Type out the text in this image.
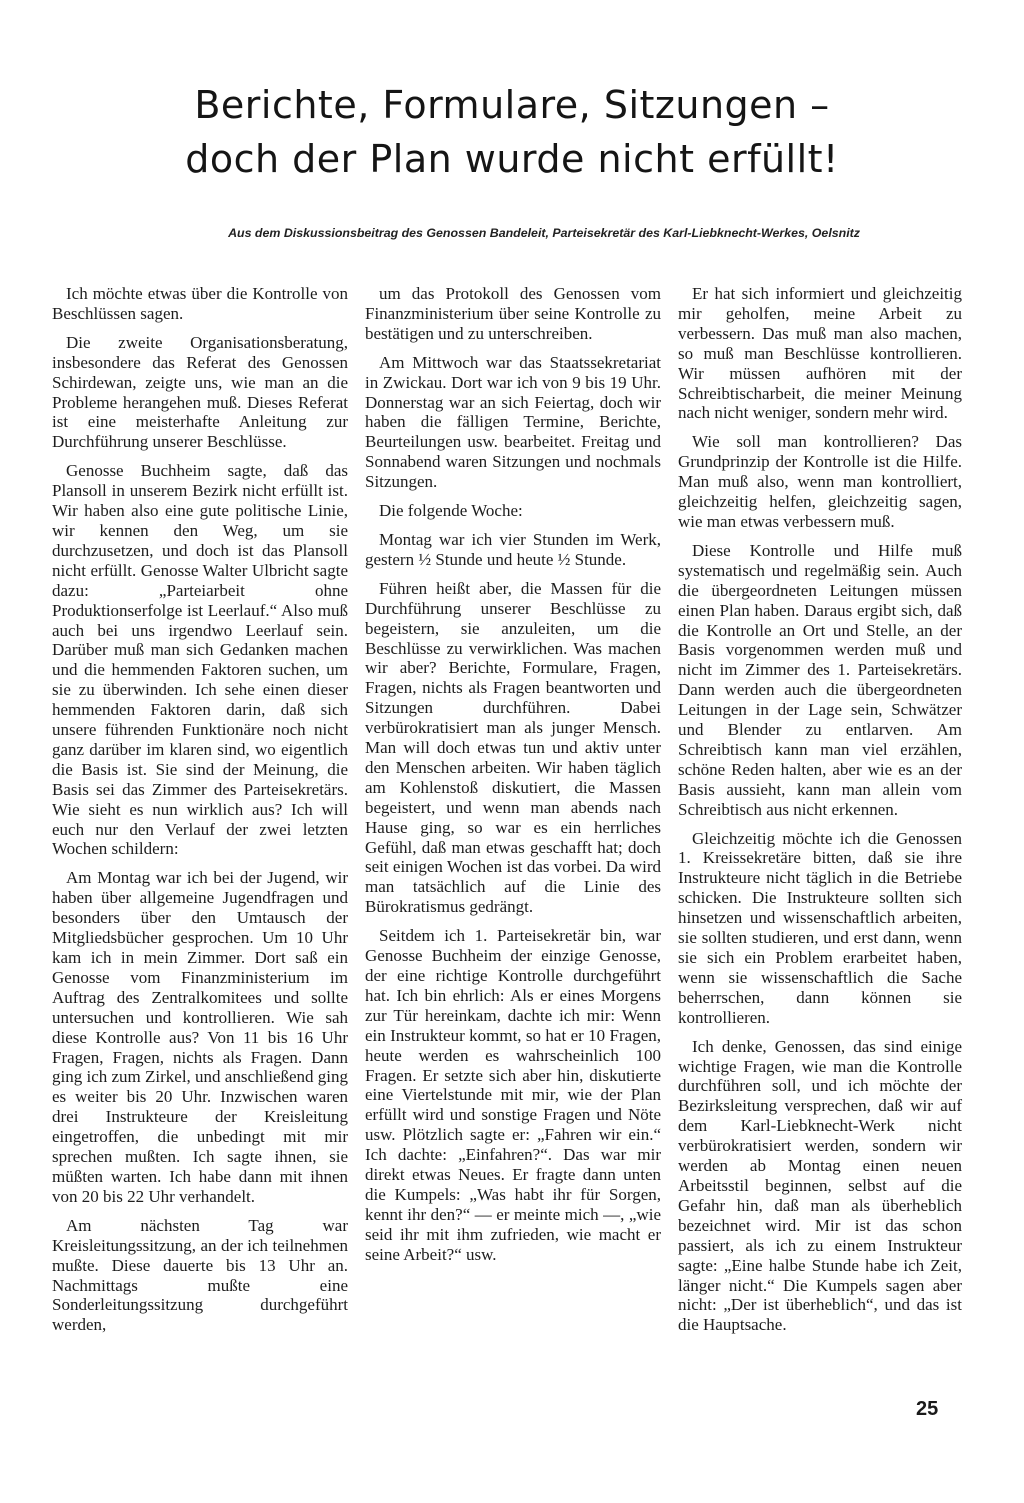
Berichte, Formulare, Sitzungen –
doch der Plan wurde nicht erfüllt!
Aus dem Diskussionsbeitrag des Genossen Bandeleit, Parteisekretär des Karl-Liebknecht-Werkes, Oelsnitz

Ich möchte etwas über die Kontrolle von Beschlüssen sagen.

Die zweite Organisationsberatung, insbesondere das Referat des Genossen Schirdewan, zeigte uns, wie man an die Probleme herangehen muß. Dieses Referat ist eine meisterhafte Anleitung zur Durchführung unserer Beschlüsse.

Genosse Buchheim sagte, daß das Plansoll in unserem Bezirk nicht erfüllt ist. Wir haben also eine gute politische Linie, wir kennen den Weg, um sie durchzusetzen, und doch ist das Plansoll nicht erfüllt. Genosse Walter Ulbricht sagte dazu: „Parteiarbeit ohne Produktionserfolge ist Leerlauf.“ Also muß auch bei uns irgendwo Leerlauf sein. Darüber muß man sich Gedanken machen und die hemmenden Faktoren suchen, um sie zu überwinden. Ich sehe einen dieser hemmenden Faktoren darin, daß sich unsere führenden Funktionäre noch nicht ganz darüber im klaren sind, wo eigentlich die Basis ist. Sie sind der Meinung, die Basis sei das Zimmer des Parteisekretärs. Wie sieht es nun wirklich aus? Ich will euch nur den Verlauf der zwei letzten Wochen schildern:

Am Montag war ich bei der Jugend, wir haben über allgemeine Jugendfragen und besonders über den Umtausch der Mitgliedsbücher gesprochen. Um 10 Uhr kam ich in mein Zimmer. Dort saß ein Genosse vom Finanzministerium im Auftrag des Zentralkomitees und sollte untersuchen und kontrollieren. Wie sah diese Kontrolle aus? Von 11 bis 16 Uhr Fragen, Fragen, nichts als Fragen. Dann ging ich zum Zirkel, und anschließend ging es weiter bis 20 Uhr. Inzwischen waren drei Instrukteure der Kreisleitung eingetroffen, die unbedingt mit mir sprechen mußten. Ich sagte ihnen, sie müßten warten. Ich habe dann mit ihnen von 20 bis 22 Uhr verhandelt.

Am nächsten Tag war Kreisleitungssitzung, an der ich teilnehmen mußte. Diese dauerte bis 13 Uhr an. Nachmittags mußte eine Sonderleitungssitzung durchgeführt werden,

um das Protokoll des Genossen vom Finanzministerium über seine Kontrolle zu bestätigen und zu unterschreiben.

Am Mittwoch war das Staatssekretariat in Zwickau. Dort war ich von 9 bis 19 Uhr. Donnerstag war an sich Feiertag, doch wir haben die fälligen Termine, Berichte, Beurteilungen usw. bearbeitet. Freitag und Sonnabend waren Sitzungen und nochmals Sitzungen.

Die folgende Woche:

Montag war ich vier Stunden im Werk, gestern ½ Stunde und heute ½ Stunde.

Führen heißt aber, die Massen für die Durchführung unserer Beschlüsse zu begeistern, sie anzuleiten, um die Beschlüsse zu verwirklichen. Was machen wir aber? Berichte, Formulare, Fragen, Fragen, nichts als Fragen beantworten und Sitzungen durchführen. Dabei verbürokratisiert man als junger Mensch. Man will doch etwas tun und aktiv unter den Menschen arbeiten. Wir haben täglich am Kohlenstoß diskutiert, die Massen begeistert, und wenn man abends nach Hause ging, so war es ein herrliches Gefühl, daß man etwas geschafft hat; doch seit einigen Wochen ist das vorbei. Da wird man tatsächlich auf die Linie des Bürokratismus gedrängt.

Seitdem ich 1. Parteisekretär bin, war Genosse Buchheim der einzige Genosse, der eine richtige Kontrolle durchgeführt hat. Ich bin ehrlich: Als er eines Morgens zur Tür hereinkam, dachte ich mir: Wenn ein Instrukteur kommt, so hat er 10 Fragen, heute werden es wahrscheinlich 100 Fragen. Er setzte sich aber hin, diskutierte eine Viertelstunde mit mir, wie der Plan erfüllt wird und sonstige Fragen und Nöte usw. Plötzlich sagte er: „Fahren wir ein.“ Ich dachte: „Einfahren?“. Das war mir direkt etwas Neues. Er fragte dann unten die Kumpels: „Was habt ihr für Sorgen, kennt ihr den?“ — er meinte mich —, „wie seid ihr mit ihm zufrieden, wie macht er seine Arbeit?“ usw.

Er hat sich informiert und gleichzeitig mir geholfen, meine Arbeit zu verbessern. Das muß man also machen, so muß man Beschlüsse kontrollieren. Wir müssen aufhören mit der Schreibtischarbeit, die meiner Meinung nach nicht weniger, sondern mehr wird.

Wie soll man kontrollieren? Das Grundprinzip der Kontrolle ist die Hilfe. Man muß also, wenn man kontrolliert, gleichzeitig helfen, gleichzeitig sagen, wie man etwas verbessern muß.

Diese Kontrolle und Hilfe muß systematisch und regelmäßig sein. Auch die übergeordneten Leitungen müssen einen Plan haben. Daraus ergibt sich, daß die Kontrolle an Ort und Stelle, an der Basis vorgenommen werden muß und nicht im Zimmer des 1. Parteisekretärs. Dann werden auch die übergeordneten Leitungen in der Lage sein, Schwätzer und Blender zu entlarven. Am Schreibtisch kann man viel erzählen, schöne Reden halten, aber wie es an der Basis aussieht, kann man allein vom Schreibtisch aus nicht erkennen.

Gleichzeitig möchte ich die Genossen 1. Kreissekretäre bitten, daß sie ihre Instrukteure nicht täglich in die Betriebe schicken. Die Instrukteure sollten sich hinsetzen und wissenschaftlich arbeiten, sie sollten studieren, und erst dann, wenn sie sich ein Problem erarbeitet haben, wenn sie wissenschaftlich die Sache beherrschen, dann können sie kontrollieren.

Ich denke, Genossen, das sind einige wichtige Fragen, wie man die Kontrolle durchführen soll, und ich möchte der Bezirksleitung versprechen, daß wir auf dem Karl-Liebknecht-Werk nicht verbürokratisiert werden, sondern wir werden ab Montag einen neuen Arbeitsstil beginnen, selbst auf die Gefahr hin, daß man als überheblich bezeichnet wird. Mir ist das schon passiert, als ich zu einem Instrukteur sagte: „Eine halbe Stunde habe ich Zeit, länger nicht.“ Die Kumpels sagen aber nicht: „Der ist überheblich“, und das ist die Hauptsache.

25
